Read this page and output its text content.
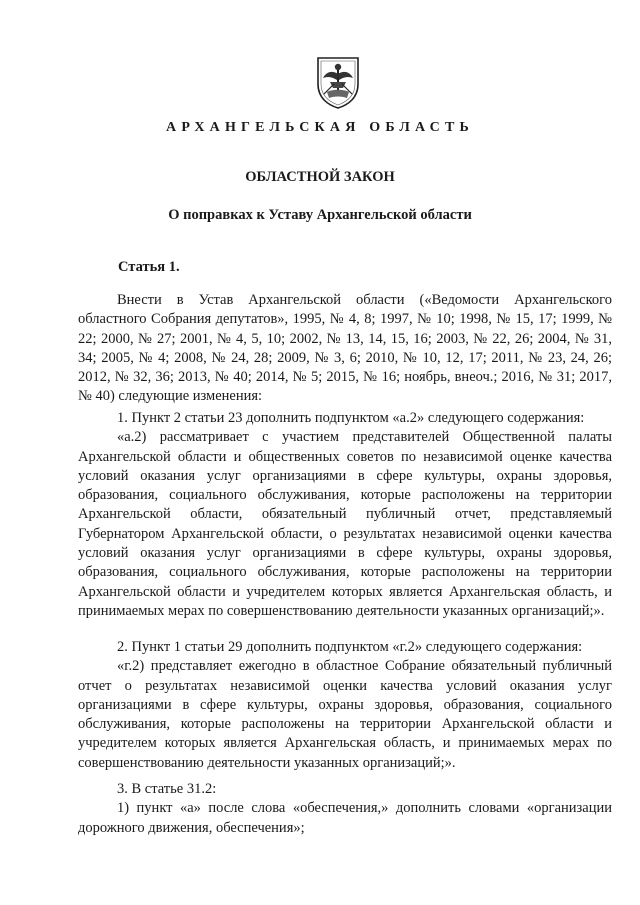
АРХАНГЕЛЬСКАЯ ОБЛАСТЬ
ОБЛАСТНОЙ ЗАКОН
О поправках к Уставу Архангельской области
Статья 1.

Внести в Устав Архангельской области («Ведомости Архангельского областного Собрания депутатов», 1995, № 4, 8; 1997, № 10; 1998, № 15, 17; 1999, № 22; 2000, № 27; 2001, № 4, 5, 10; 2002, № 13, 14, 15, 16; 2003, № 22, 26; 2004, № 31, 34; 2005, № 4; 2008, № 24, 28; 2009, № 3, 6; 2010, № 10, 12, 17; 2011, № 23, 24, 26; 2012, № 32, 36; 2013, № 40; 2014, № 5; 2015, № 16; ноябрь, внеоч.; 2016, № 31; 2017, № 40) следующие изменения:

1. Пункт 2 статьи 23 дополнить подпунктом «а.2» следующего содержания:

«а.2) рассматривает с участием представителей Общественной палаты Архангельской области и общественных советов по независимой оценке качества условий оказания услуг организациями в сфере культуры, охраны здоровья, образования, социального обслуживания, которые расположены на территории Архангельской области, обязательный публичный отчет, представляемый Губернатором Архангельской области, о результатах независимой оценки качества условий оказания услуг организациями в сфере культуры, охраны здоровья, образования, социального обслуживания, которые расположены на территории Архангельской области и учредителем которых является Архангельская область, и принимаемых мерах по совершенствованию деятельности указанных организаций;».

2. Пункт 1 статьи 29 дополнить подпунктом «г.2» следующего содержания:

«г.2) представляет ежегодно в областное Собрание обязательный публичный отчет о результатах независимой оценки качества условий оказания услуг организациями в сфере культуры, охраны здоровья, образования, социального обслуживания, которые расположены на территории Архангельской области и учредителем которых является Архангельская область, и принимаемых мерах по совершенствованию деятельности указанных организаций;».

3. В статье 31.2:

1) пункт «а» после слова «обеспечения,» дополнить словами «организации дорожного движения, обеспечения»;
